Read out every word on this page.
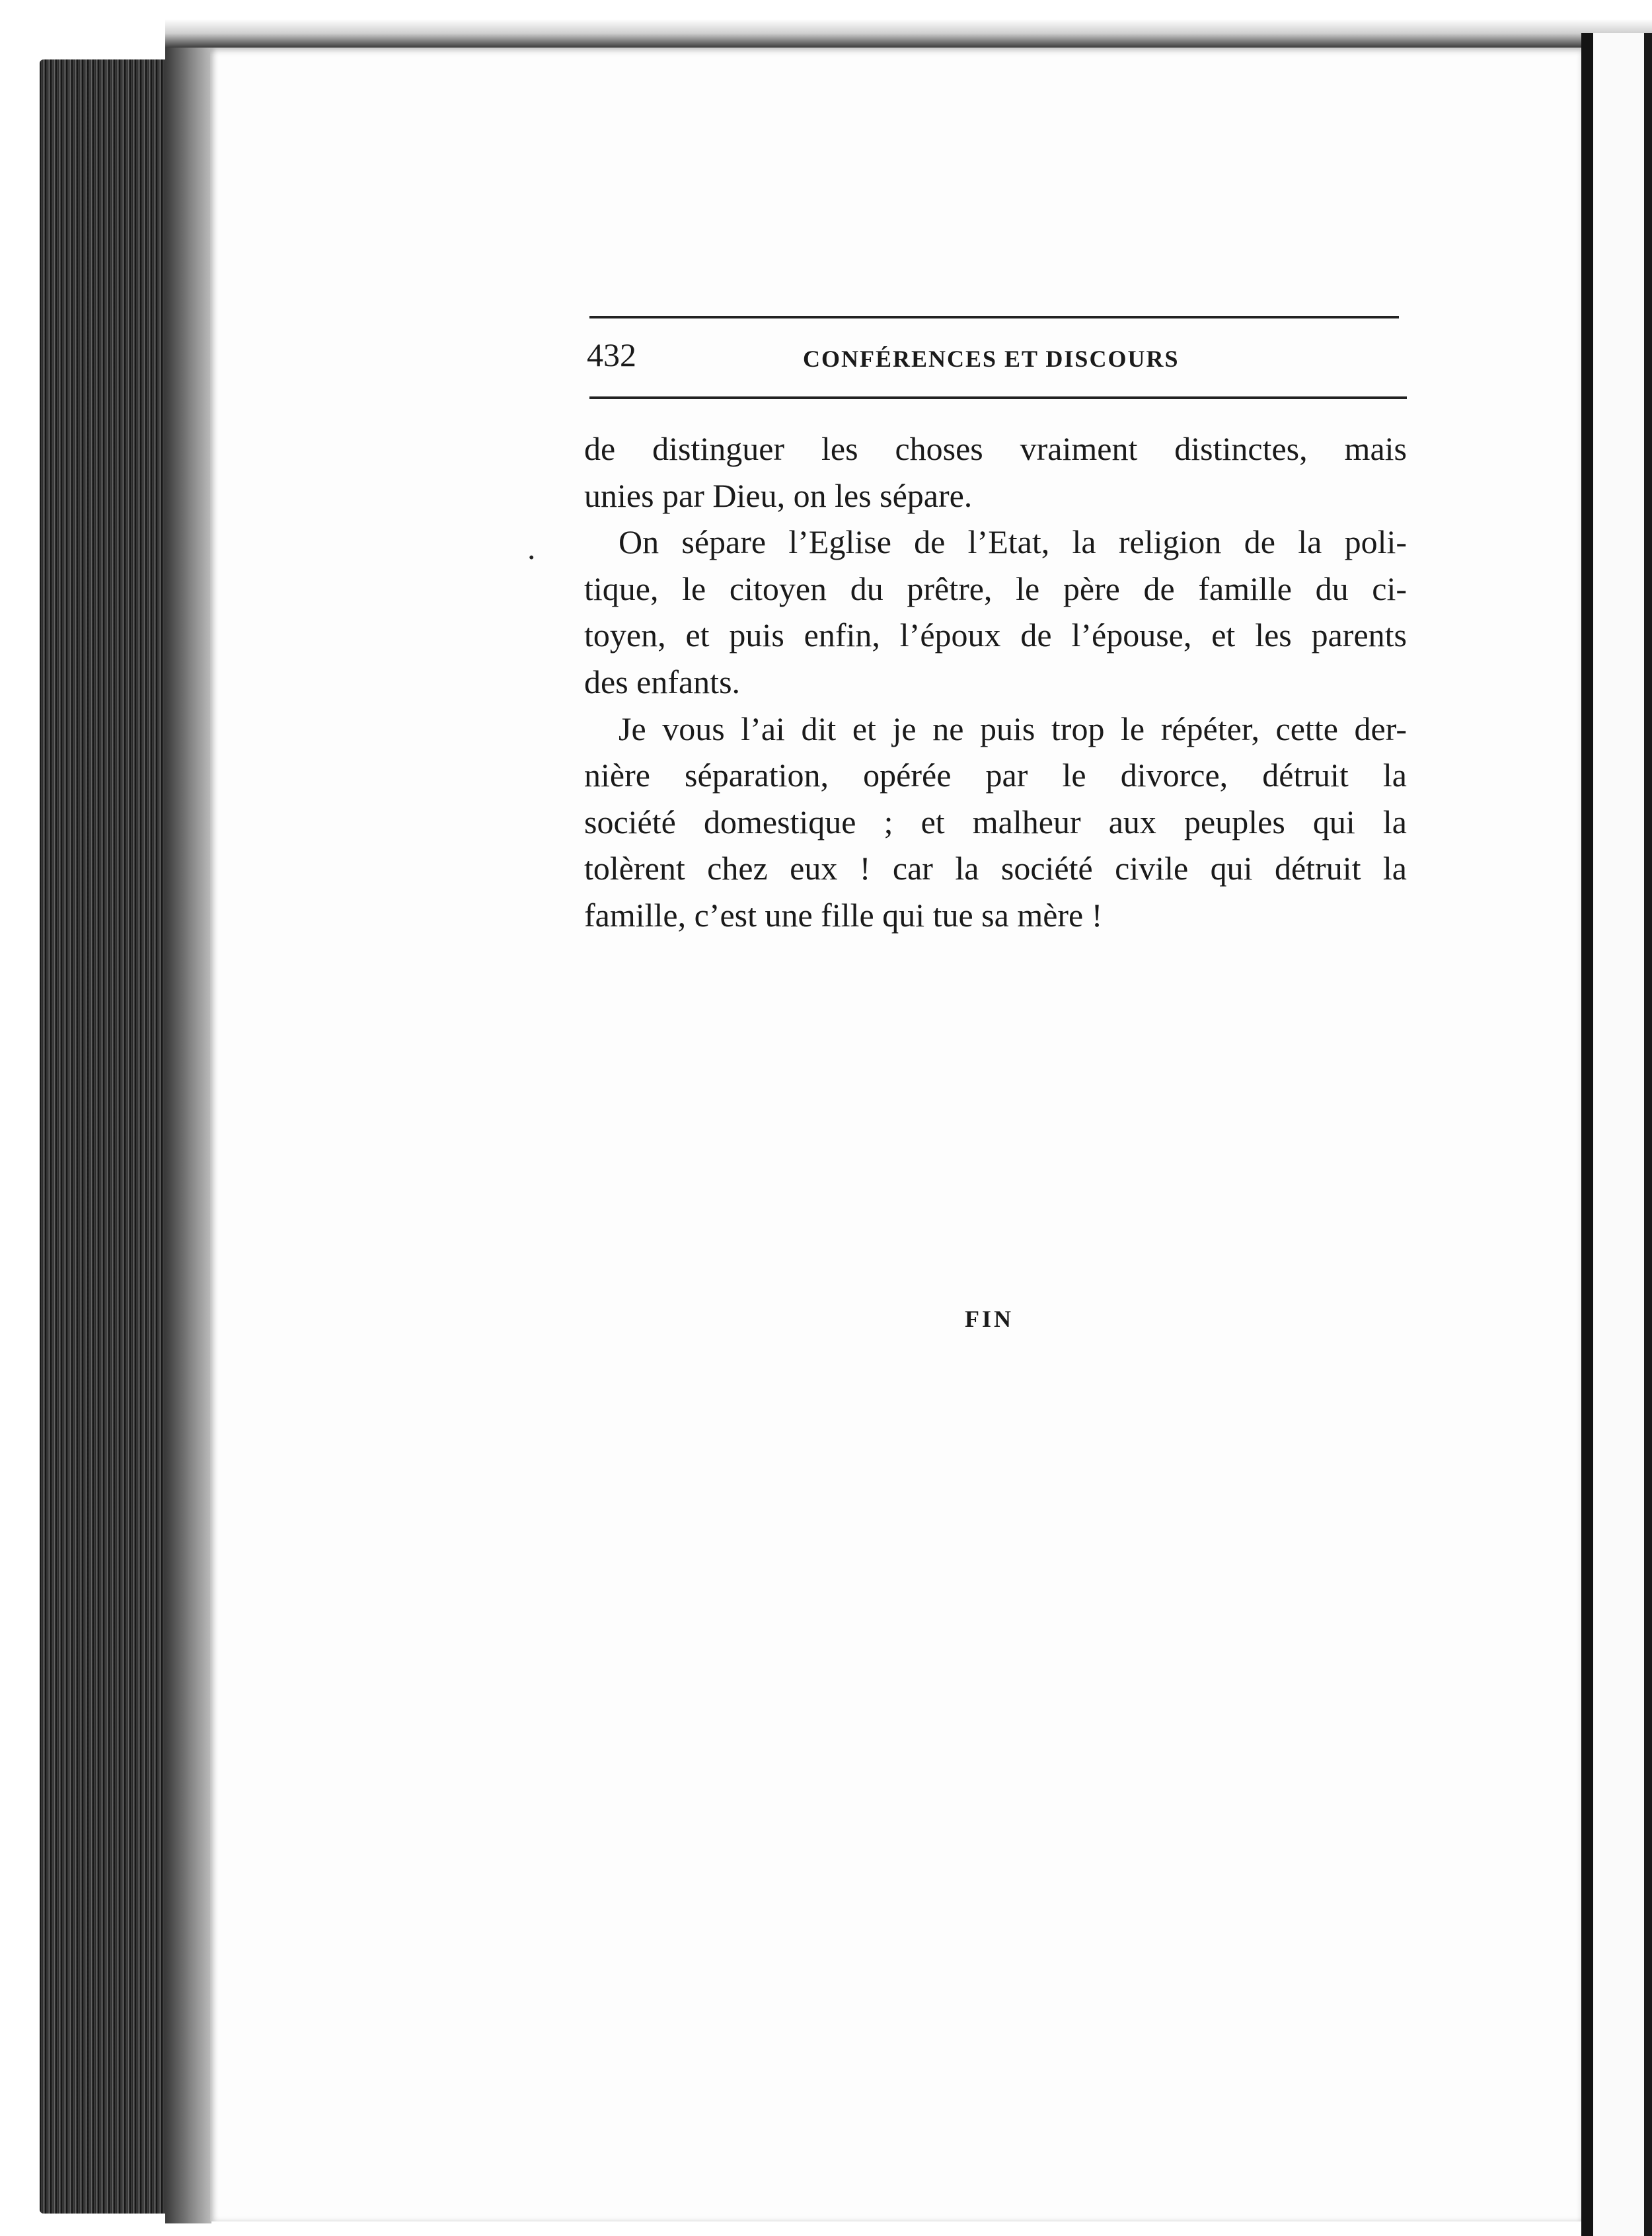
432	CONFÉRENCES ET DISCOURS
.
de distinguer les choses vraiment distinctes, mais
unies par Dieu, on les sépare.
On sépare l’Eglise de l’Etat, la religion de la poli-
tique, le citoyen du prêtre, le père de famille du ci-
toyen, et puis enfin, l’époux de l’épouse, et les parents
des enfants.
Je vous l’ai dit et je ne puis trop le répéter, cette der-
nière séparation, opérée par le divorce, détruit la
société domestique ; et malheur aux peuples qui la
tolèrent chez eux ! car la société civile qui détruit la
famille, c’est une fille qui tue sa mère !
FIN
